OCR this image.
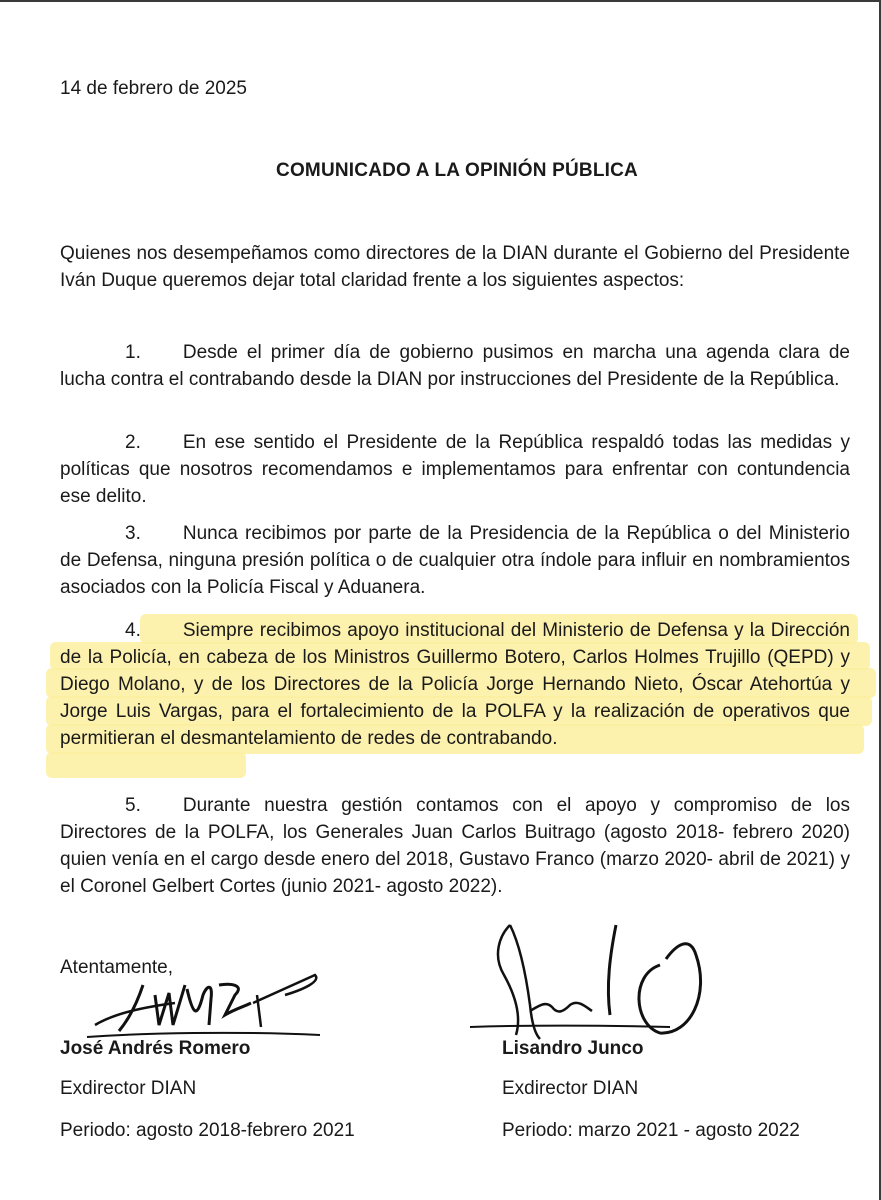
14 de febrero de 2025
COMUNICADO A LA OPINIÓN PÚBLICA

Quienes nos desempeñamos como directores de la DIAN durante el Gobierno del Presidente Iván Duque queremos dejar total claridad frente a los siguientes aspectos:

1. Desde el primer día de gobierno pusimos en marcha una agenda clara de lucha contra el contrabando desde la DIAN por instrucciones del Presidente de la República.

2. En ese sentido el Presidente de la República respaldó todas las medidas y políticas que nosotros recomendamos e implementamos para enfrentar con contundencia ese delito.

3. Nunca recibimos por parte de la Presidencia de la República o del Ministerio de Defensa, ninguna presión política o de cualquier otra índole para influir en nombramientos asociados con la Policía Fiscal y Aduanera.

4. Siempre recibimos apoyo institucional del Ministerio de Defensa y la Dirección de la Policía, en cabeza de los Ministros Guillermo Botero, Carlos Holmes Trujillo (QEPD) y Diego Molano, y de los Directores de la Policía Jorge Hernando Nieto, Óscar Atehortúa y Jorge Luis Vargas, para el fortalecimiento de la POLFA y la realización de operativos que permitieran el desmantelamiento de redes de contrabando.

5. Durante nuestra gestión contamos con el apoyo y compromiso de los Directores de la POLFA, los Generales Juan Carlos Buitrago (agosto 2018- febrero 2020) quien venía en el cargo desde enero del 2018, Gustavo Franco (marzo 2020- abril de 2021) y el Coronel Gelbert Cortes (junio 2021- agosto 2022).

Atentamente,
José Andrés Romero
Exdirector DIAN
Periodo: agosto 2018-febrero 2021
Lisandro Junco
Exdirector DIAN
Periodo: marzo 2021 - agosto 2022
